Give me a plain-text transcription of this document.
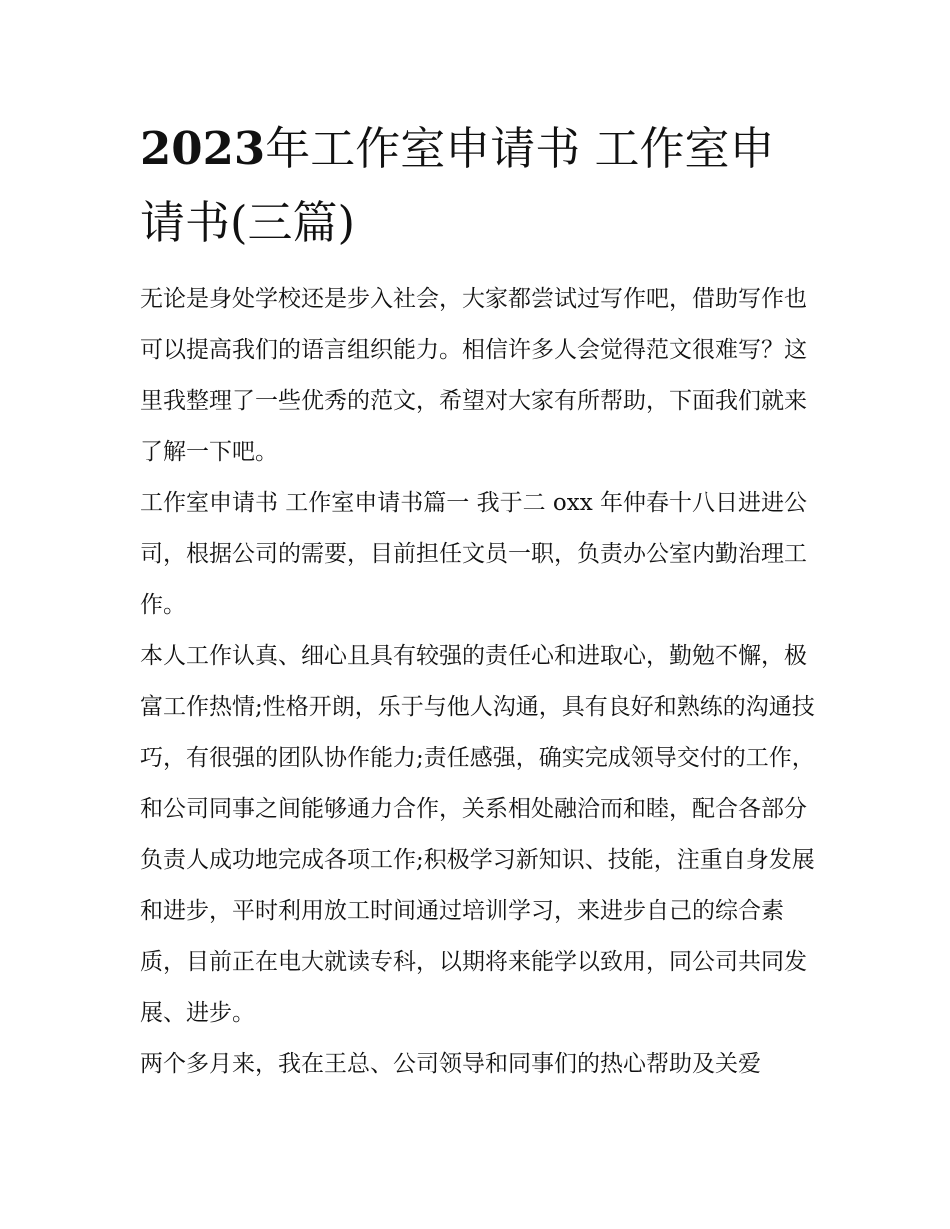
2023年工作室申请书 工作室申请书(三篇)

无论是身处学校还是步入社会，大家都尝试过写作吧，借助写作也可以提高我们的语言组织能力。相信许多人会觉得范文很难写？这里我整理了一些优秀的范文，希望对大家有所帮助，下面我们就来了解一下吧。

工作室申请书 工作室申请书篇一 我于二 oxx 年仲春十八日进进公司，根据公司的需要，目前担任文员一职，负责办公室内勤治理工作。

本人工作认真、细心且具有较强的责任心和进取心，勤勉不懈，极富工作热情;性格开朗，乐于与他人沟通，具有良好和熟练的沟通技巧，有很强的团队协作能力;责任感强，确实完成领导交付的工作，和公司同事之间能够通力合作，关系相处融洽而和睦，配合各部分负责人成功地完成各项工作;积极学习新知识、技能，注重自身发展和进步，平时利用放工时间通过培训学习，来进步自己的综合素质，目前正在电大就读专科，以期将来能学以致用，同公司共同发展、进步。

两个多月来，我在王总、公司领导和同事们的热心帮助及关爱
